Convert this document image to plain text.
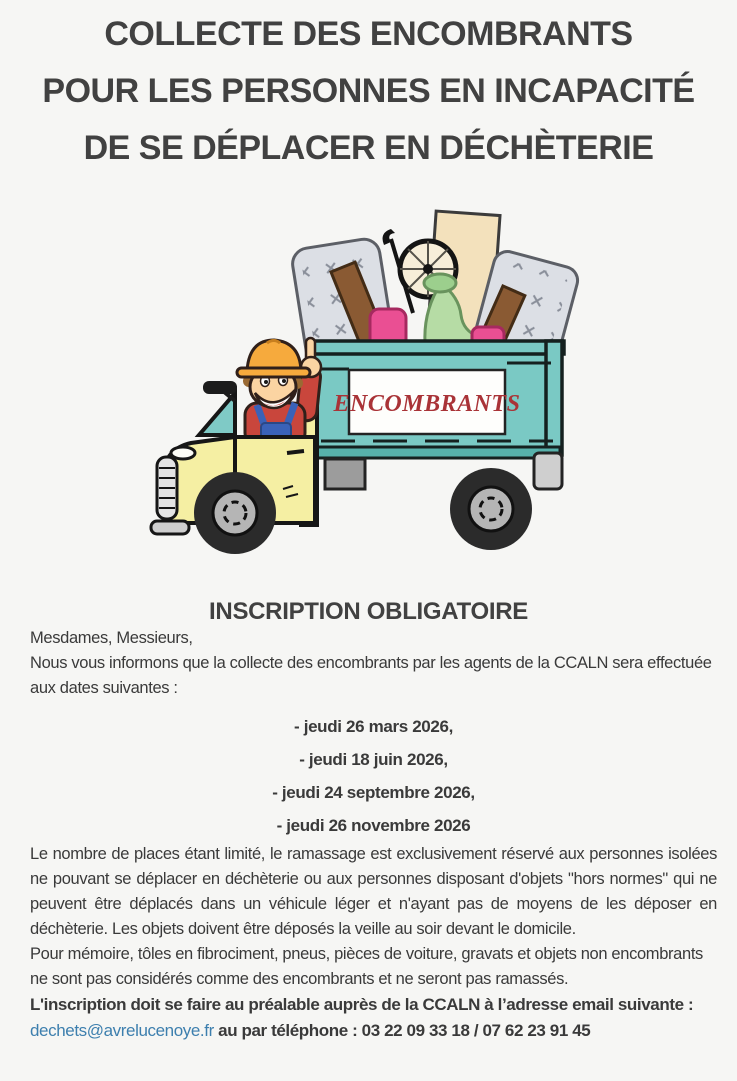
COLLECTE DES ENCOMBRANTS
POUR LES PERSONNES EN INCAPACITÉ
DE SE DÉPLACER EN DÉCHÈTERIE
ENCOMBRANTS
INSCRIPTION OBLIGATOIRE

Mesdames, Messieurs,

Nous vous informons que la collecte des encombrants par les agents de la CCALN sera effectuée aux dates suivantes :

- jeudi 26 mars 2026,
- jeudi 18 juin 2026,
- jeudi 24 septembre 2026,
- jeudi 26 novembre 2026

Le nombre de places étant limité, le ramassage est exclusivement réservé aux personnes isolées ne pouvant se déplacer en déchèterie ou aux personnes disposant d'objets "hors normes" qui ne peuvent être déplacés dans un véhicule léger et n'ayant pas de moyens de les déposer en déchèterie. Les objets doivent être déposés la veille au soir devant le domicile.

Pour mémoire, tôles en fibrociment, pneus, pièces de voiture, gravats et objets non encombrants ne sont pas considérés comme des encombrants et ne seront pas ramassés.

L'inscription doit se faire au préalable auprès de la CCALN à l’adresse email suivante :
dechets@avrelucenoye.fr au par téléphone : 03 22 09 33 18 / 07 62 23 91 45
